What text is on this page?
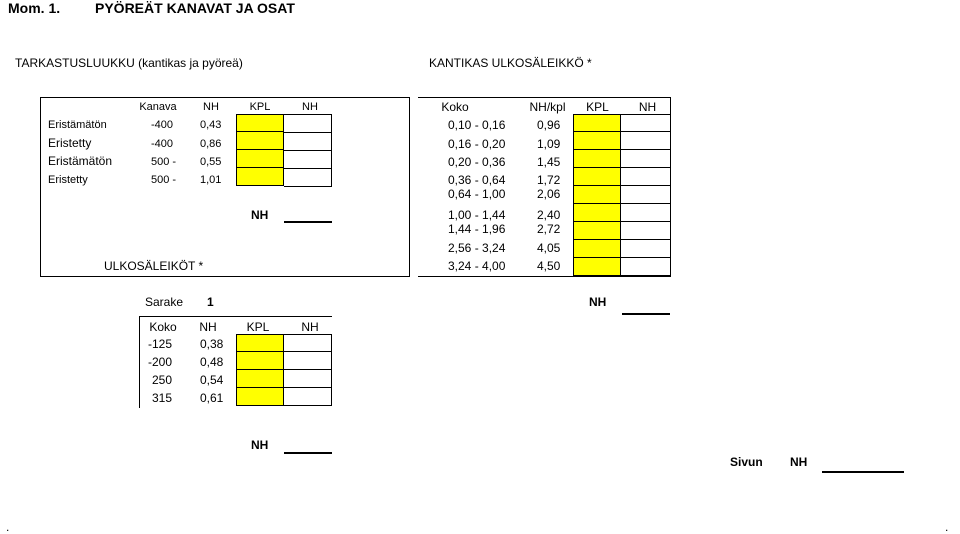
Mom. 1. PYÖREÄT KANAVAT JA OSAT
TARKASTUSLUUKKU (kantikas ja pyöreä)	KANTIKAS ULKOSÄLEIKKÖ *
Kanava	NH	KPL	NH
Eristämätön	-400 0,43
Eristetty	-400 0,86
Eristämätön	500 - 0,55
Eristetty	500 - 1,01
NH
ULKOSÄLEIKÖT *
Koko	NH/kpl	KPL	NH
0,10 - 0,16	0,96
0,16 - 0,20	1,09
0,20 - 0,36	1,45
0,36 - 0,64	1,72
0,64 - 1,00	2,06
1,00 - 1,44	2,40
1,44 - 1,96	2,72
2,56 - 3,24	4,05
3,24 - 4,00	4,50
Sarake 1	NH
Koko	NH	KPL	NH
-125 0,38
-200 0,48
250 0,54
315 0,61
NH
Sivun NH
.	.
